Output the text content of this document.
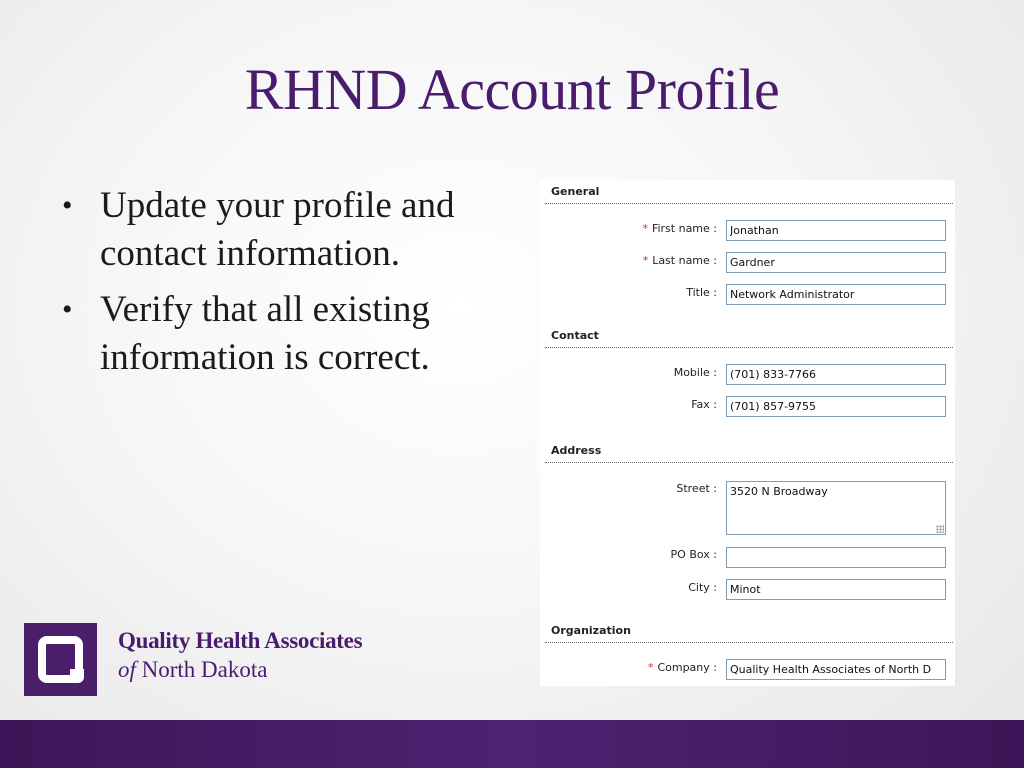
RHND Account Profile
• Update your profile and contact information.
• Verify that all existing information is correct.
General
* First name :
Jonathan
* Last name :
Gardner
Title :
Network Administrator
Contact
Mobile :
(701) 833-7766
Fax :
(701) 857-9755
Address
Street :
3520 N Broadway
PO Box :
City :
Minot
Organization
* Company :
Quality Health Associates of North D
Quality Health Associates
of North Dakota
